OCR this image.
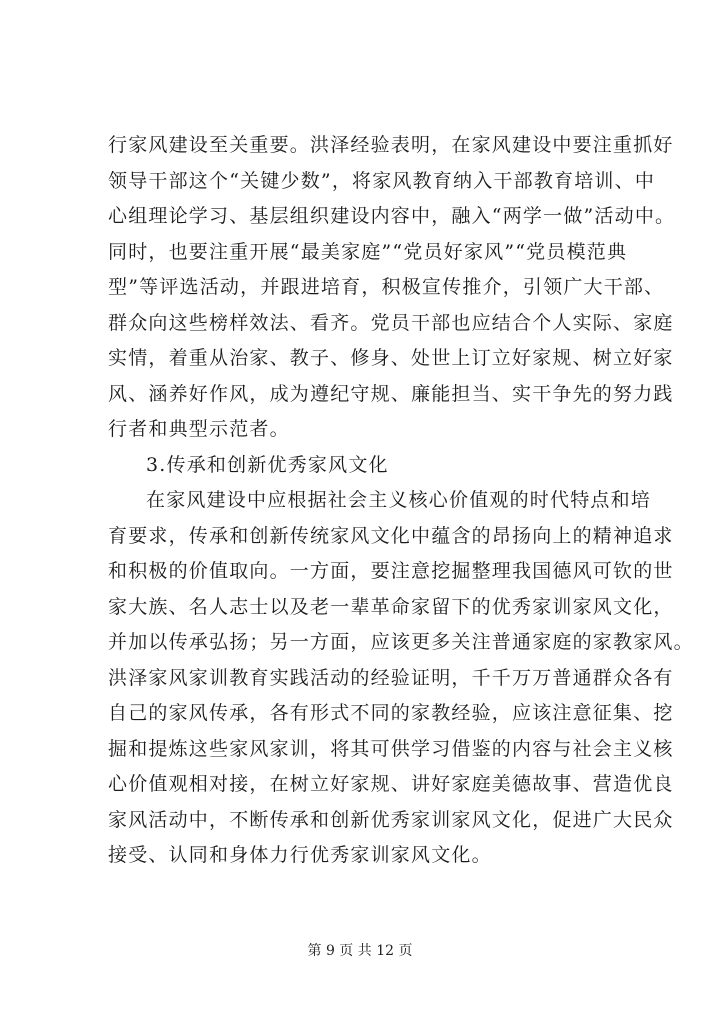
行家风建设至关重要。洪泽经验表明，在家风建设中要注重抓好
领导干部这个“关键少数”，将家风教育纳入干部教育培训、中
心组理论学习、基层组织建设内容中，融入“两学一做”活动中。
同时，也要注重开展“最美家庭”“党员好家风”“党员模范典
型”等评选活动，并跟进培育，积极宣传推介，引领广大干部、
群众向这些榜样效法、看齐。党员干部也应结合个人实际、家庭
实情，着重从治家、教子、修身、处世上订立好家规、树立好家
风、涵养好作风，成为遵纪守规、廉能担当、实干争先的努力践
行者和典型示范者。
3.传承和创新优秀家风文化
在家风建设中应根据社会主义核心价值观的时代特点和培
育要求，传承和创新传统家风文化中蕴含的昂扬向上的精神追求
和积极的价值取向。一方面，要注意挖掘整理我国德风可钦的世
家大族、名人志士以及老一辈革命家留下的优秀家训家风文化，
并加以传承弘扬；另一方面，应该更多关注普通家庭的家教家风。
洪泽家风家训教育实践活动的经验证明，千千万万普通群众各有
自己的家风传承，各有形式不同的家教经验，应该注意征集、挖
掘和提炼这些家风家训，将其可供学习借鉴的内容与社会主义核
心价值观相对接，在树立好家规、讲好家庭美德故事、营造优良
家风活动中，不断传承和创新优秀家训家风文化，促进广大民众
接受、认同和身体力行优秀家训家风文化。
第 9 页 共 12 页
